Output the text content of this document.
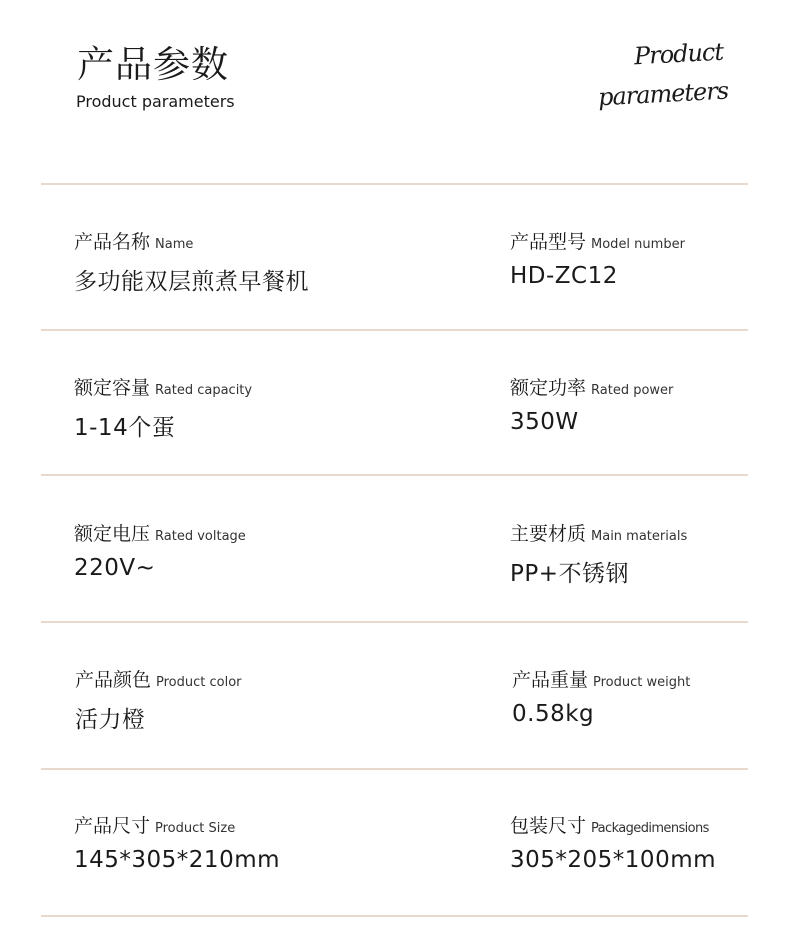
产品参数
Product parameters
Product
parameters
产品名称 Name
多功能双层煎煮早餐机
产品型号 Model number
HD-ZC12
额定容量 Rated capacity
1-14个蛋
额定功率 Rated power
350W
额定电压 Rated voltage
220V~
主要材质 Main materials
PP+不锈钢
产品颜色 Product color
活力橙
产品重量 Product weight
0.58kg
产品尺寸 Product Size
145*305*210mm
包装尺寸 Packagedimensions
305*205*100mm
